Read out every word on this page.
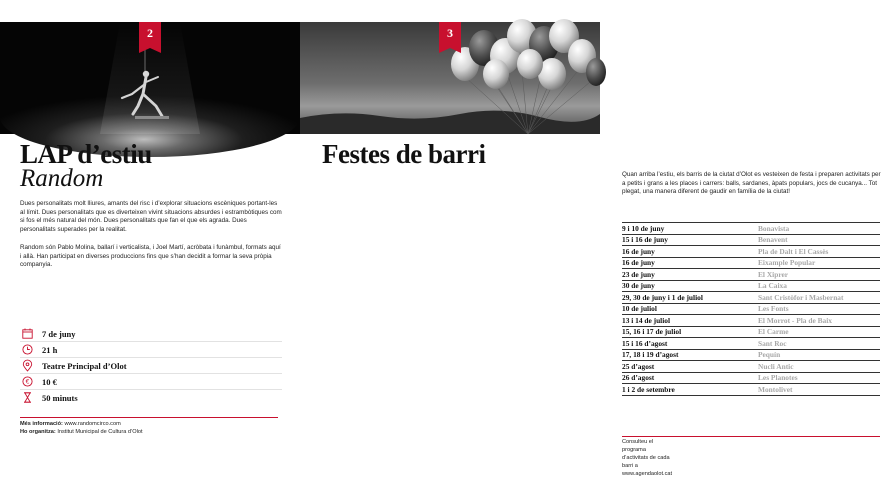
2
LAP d’estiu
Random

Dues personalitats molt lliures, amants del risc i d’explorar situacions escèniques portant-les al límit. Dues personalitats que es diverteixen vivint situacions absurdes i estrambòtiques com si fos el més natural del món. Dues personalitats que fan el que els agrada. Dues personalitats superades per la realitat.

Random són Pablo Molina, ballarí i verticalista, i Joel Martí, acròbata i funàmbul, formats aquí i allà. Han participat en diverses produccions fins que s’han decidit a formar la seva pròpia companyia.

7 de juny
21 h
Teatre Principal d’Olot
€ 10 €
50 minuts

Més informació: www.randomcirco.com

Ho organitza: Institut Municipal de Cultura d’Olot

3
Festes de barri

Quan arriba l’estiu, els barris de la ciutat d’Olot es vesteixen de festa i preparen activitats per a petits i grans a les places i carrers: balls, sardanes, àpats populars, jocs de cucanya... Tot plegat, una manera diferent de gaudir en família de la ciutat!

9 i 10 de juny	Bonavista
15 i 16 de juny	Benavent
16 de juny	Pla de Dalt i El Cassès
16 de juny	Eixample Popular
23 de juny	El Xiprer
30 de juny	La Caixa
29, 30 de juny i 1 de juliol	Sant Cristòfor i Masbernat
10 de juliol	Les Fonts
13 i 14 de juliol	El Morrot - Pla de Baix
15, 16 i 17 de juliol	El Carme
15 i 16 d’agost	Sant Roc
17, 18 i 19 d’agost	Pequín
25 d’agost	Nucli Antic
26 d’agost	Les Planotes
1 i 2 de setembre	Montolivet

Consulteu el programa d’activitats de cada barri a www.agendaolot.cat
